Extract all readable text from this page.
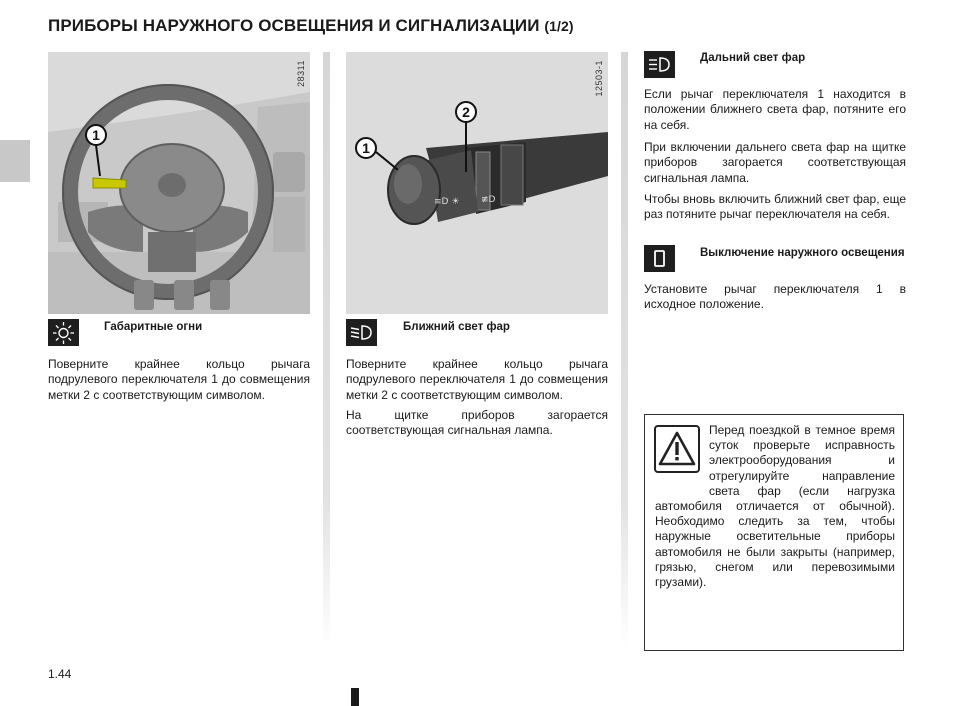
ПРИБОРЫ НАРУЖНОГО ОСВЕЩЕНИЯ И СИГНАЛИЗАЦИИ (1/2)
1
28311
≡D ☀ ≢D
1
2
12503-1

Габаритные огни

Поверните крайнее кольцо рычага подрулевого переключателя 1 до совмещения метки 2 с соответствующим символом.

Ближний свет фар

Поверните крайнее кольцо рычага подрулевого переключателя 1 до совмещения метки 2 с соответствующим символом.

На щитке приборов загорается соответствующая сигнальная лампа.

Дальний свет фар

Если рычаг переключателя 1 находится в положении ближнего света фар, потяните его на себя.

При включении дальнего света фар на щитке приборов загорается соответствующая сигнальная лампа.

Чтобы вновь включить ближний свет фар, еще раз потяните рычаг переключателя на себя.

Выключение наружного освещения

Установите рычаг переключателя 1 в исходное положение.

Перед поездкой в темное время суток проверьте исправность электрооборудования и отрегулируйте направление света фар (если нагрузка автомобиля отличается от обычной). Необходимо следить за тем, чтобы наружные осветительные приборы автомобиля не были закрыты (например, грязью, снегом или перевозимыми грузами).

1.44
